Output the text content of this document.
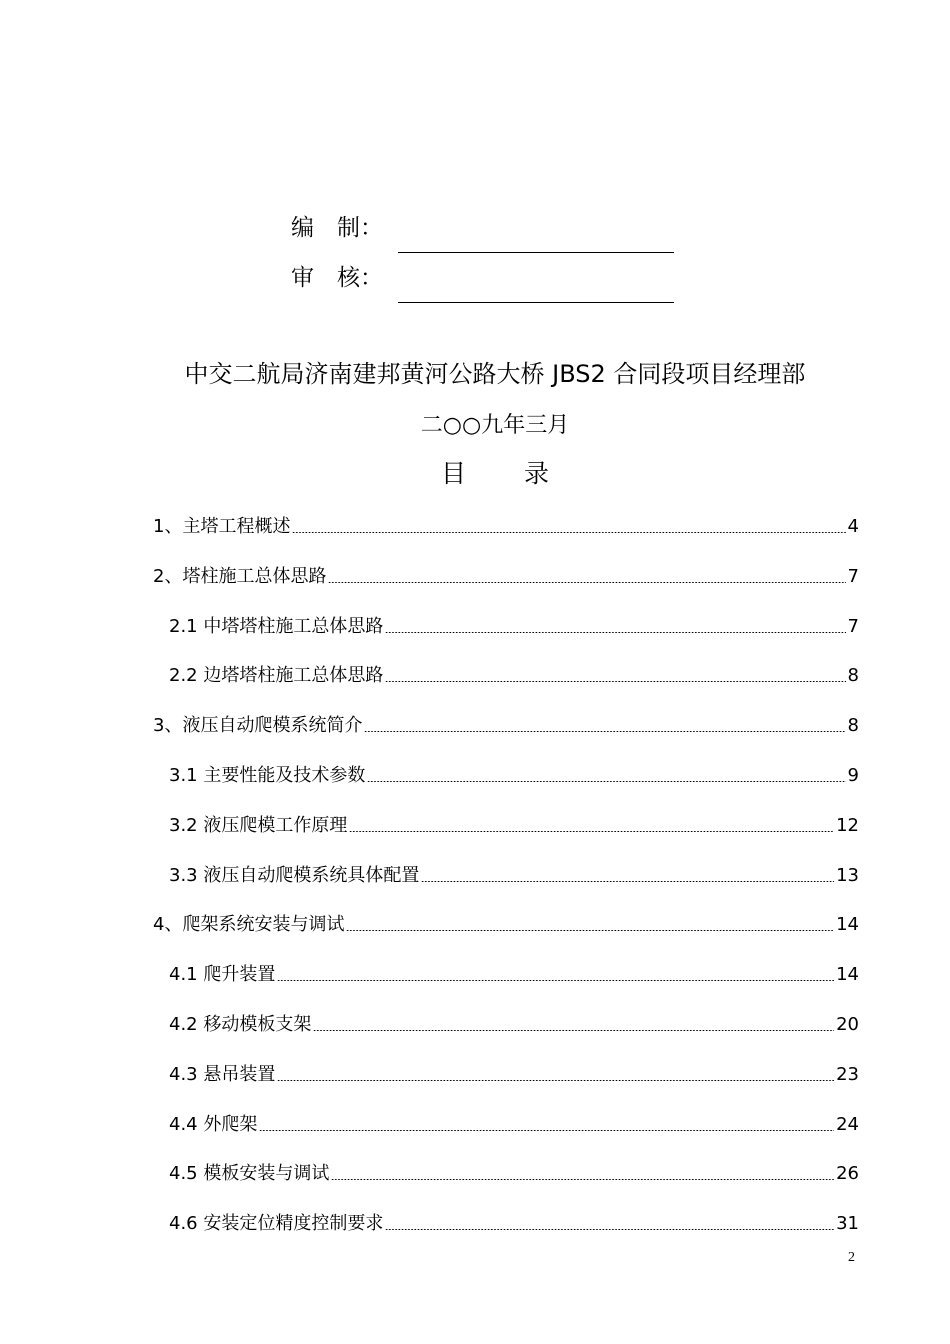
编　制：
审　核：
中交二航局济南建邦黄河公路大桥 JBS2 合同段项目经理部
二○○九年三月
目 录
1、主塔工程概述	4
2、塔柱施工总体思路	7
2.1 中塔塔柱施工总体思路	7
2.2 边塔塔柱施工总体思路	8
3、液压自动爬模系统简介	8
3.1 主要性能及技术参数	9
3.2 液压爬模工作原理	12
3.3 液压自动爬模系统具体配置	13
4、爬架系统安装与调试	14
4.1 爬升装置	14
4.2 移动模板支架	20
4.3 悬吊装置	23
4.4 外爬架	24
4.5 模板安装与调试	26
4.6 安装定位精度控制要求	31
2
